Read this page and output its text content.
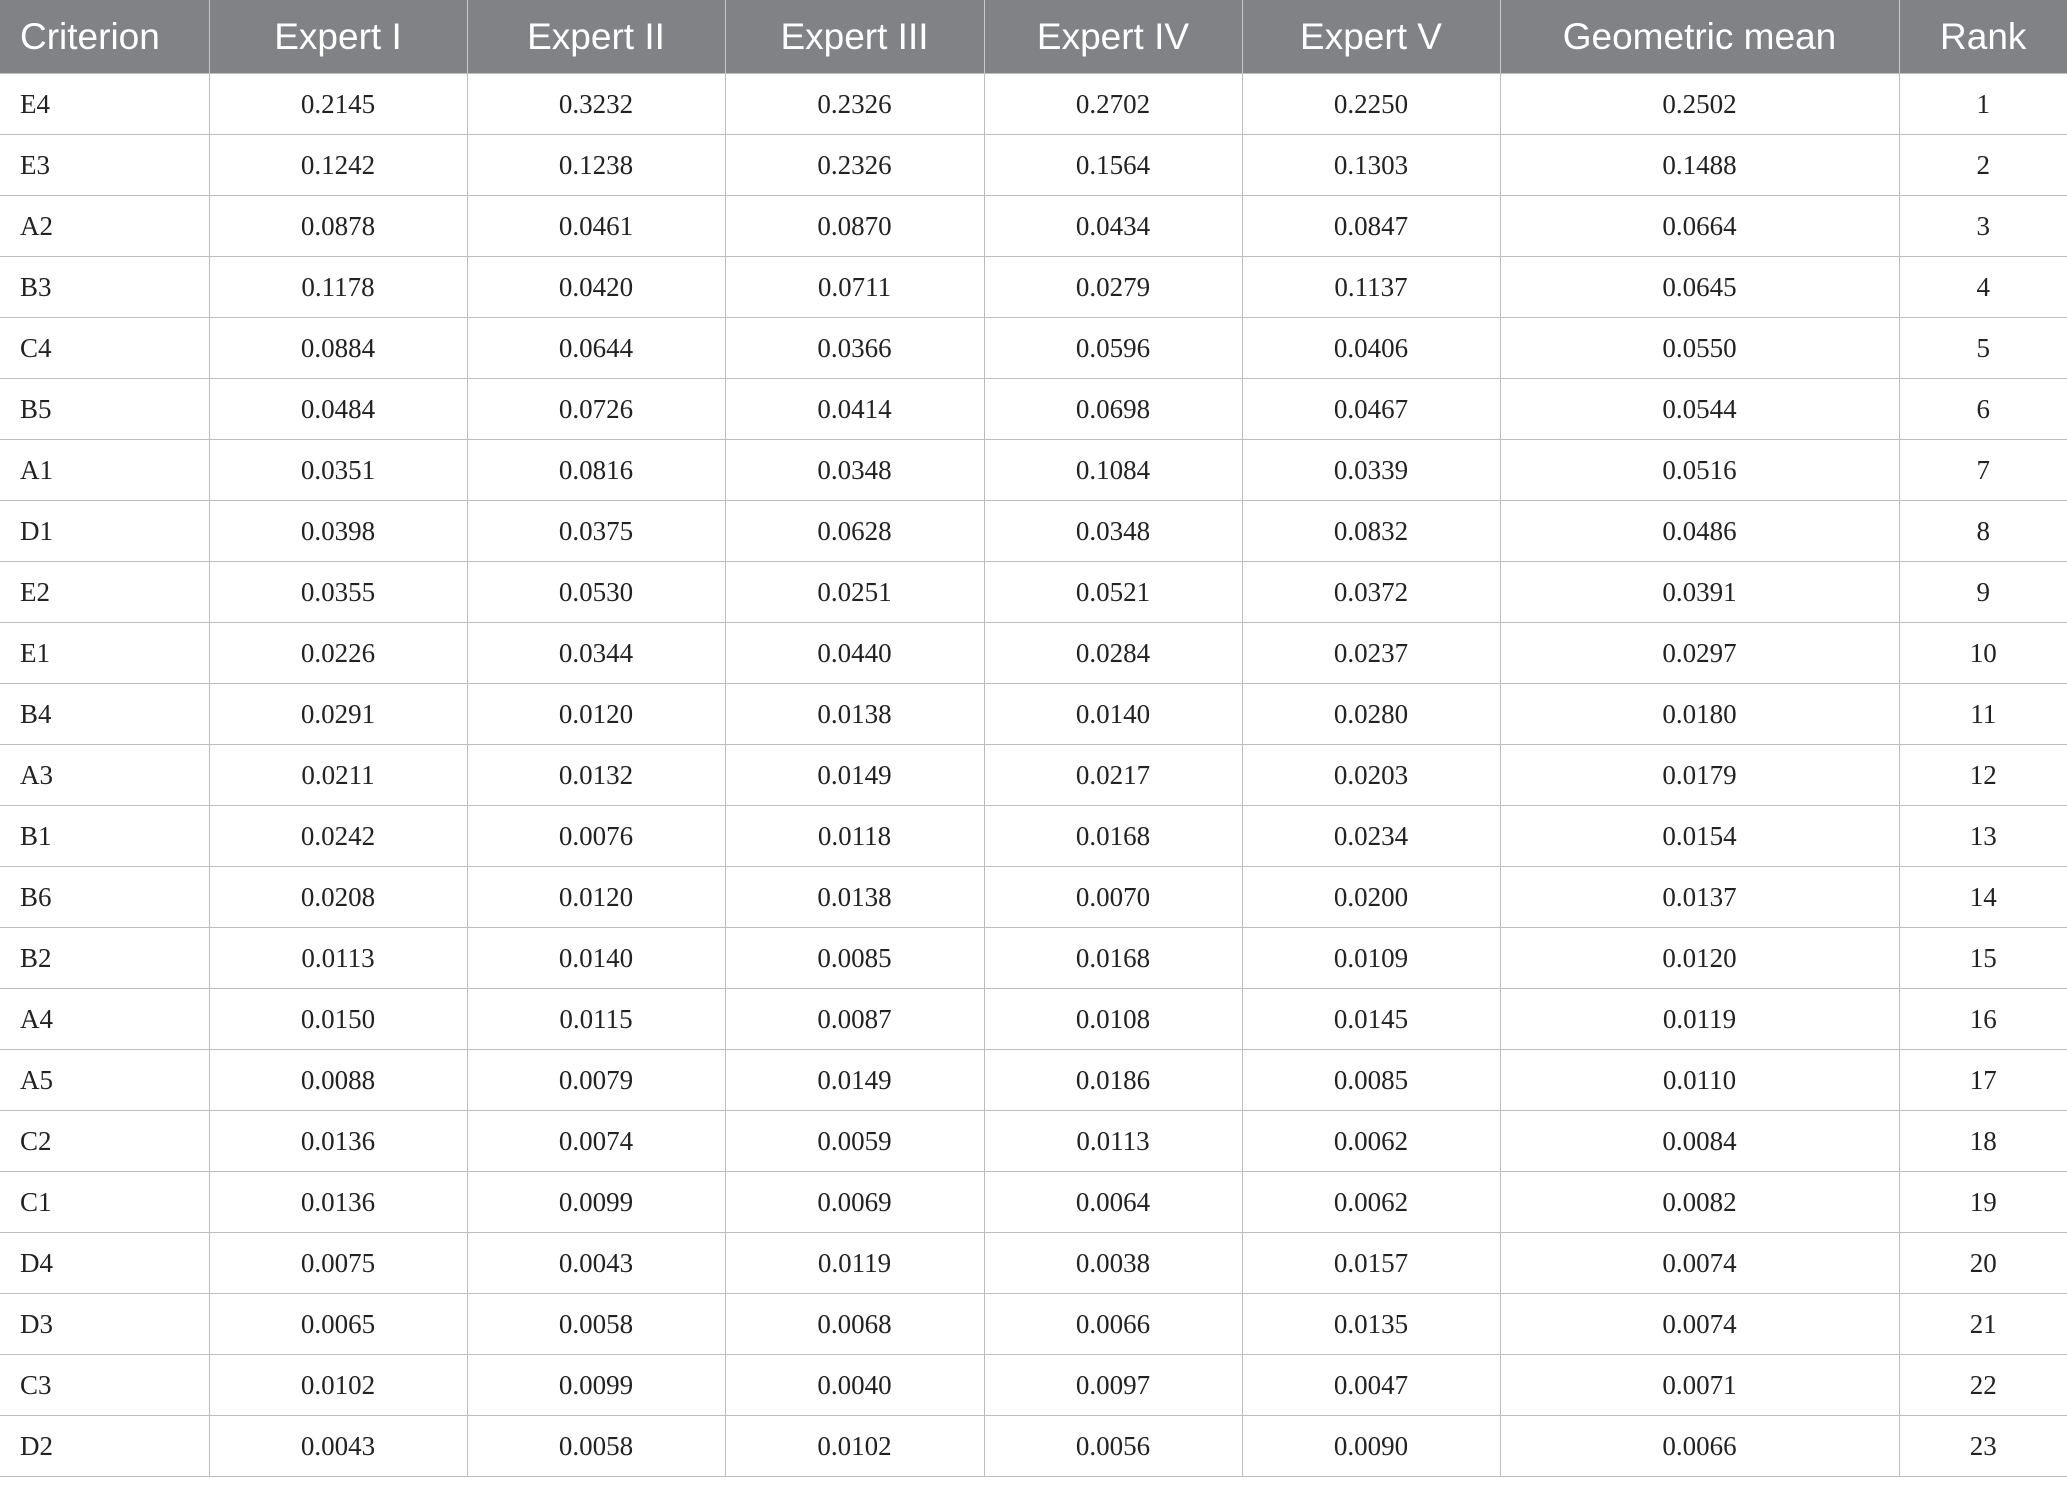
Criterion	Expert I	Expert II	Expert III	Expert IV	Expert V	Geometric mean	Rank
E4	0.2145	0.3232	0.2326	0.2702	0.2250	0.2502	1
E3	0.1242	0.1238	0.2326	0.1564	0.1303	0.1488	2
A2	0.0878	0.0461	0.0870	0.0434	0.0847	0.0664	3
B3	0.1178	0.0420	0.0711	0.0279	0.1137	0.0645	4
C4	0.0884	0.0644	0.0366	0.0596	0.0406	0.0550	5
B5	0.0484	0.0726	0.0414	0.0698	0.0467	0.0544	6
A1	0.0351	0.0816	0.0348	0.1084	0.0339	0.0516	7
D1	0.0398	0.0375	0.0628	0.0348	0.0832	0.0486	8
E2	0.0355	0.0530	0.0251	0.0521	0.0372	0.0391	9
E1	0.0226	0.0344	0.0440	0.0284	0.0237	0.0297	10
B4	0.0291	0.0120	0.0138	0.0140	0.0280	0.0180	11
A3	0.0211	0.0132	0.0149	0.0217	0.0203	0.0179	12
B1	0.0242	0.0076	0.0118	0.0168	0.0234	0.0154	13
B6	0.0208	0.0120	0.0138	0.0070	0.0200	0.0137	14
B2	0.0113	0.0140	0.0085	0.0168	0.0109	0.0120	15
A4	0.0150	0.0115	0.0087	0.0108	0.0145	0.0119	16
A5	0.0088	0.0079	0.0149	0.0186	0.0085	0.0110	17
C2	0.0136	0.0074	0.0059	0.0113	0.0062	0.0084	18
C1	0.0136	0.0099	0.0069	0.0064	0.0062	0.0082	19
D4	0.0075	0.0043	0.0119	0.0038	0.0157	0.0074	20
D3	0.0065	0.0058	0.0068	0.0066	0.0135	0.0074	21
C3	0.0102	0.0099	0.0040	0.0097	0.0047	0.0071	22
D2	0.0043	0.0058	0.0102	0.0056	0.0090	0.0066	23
